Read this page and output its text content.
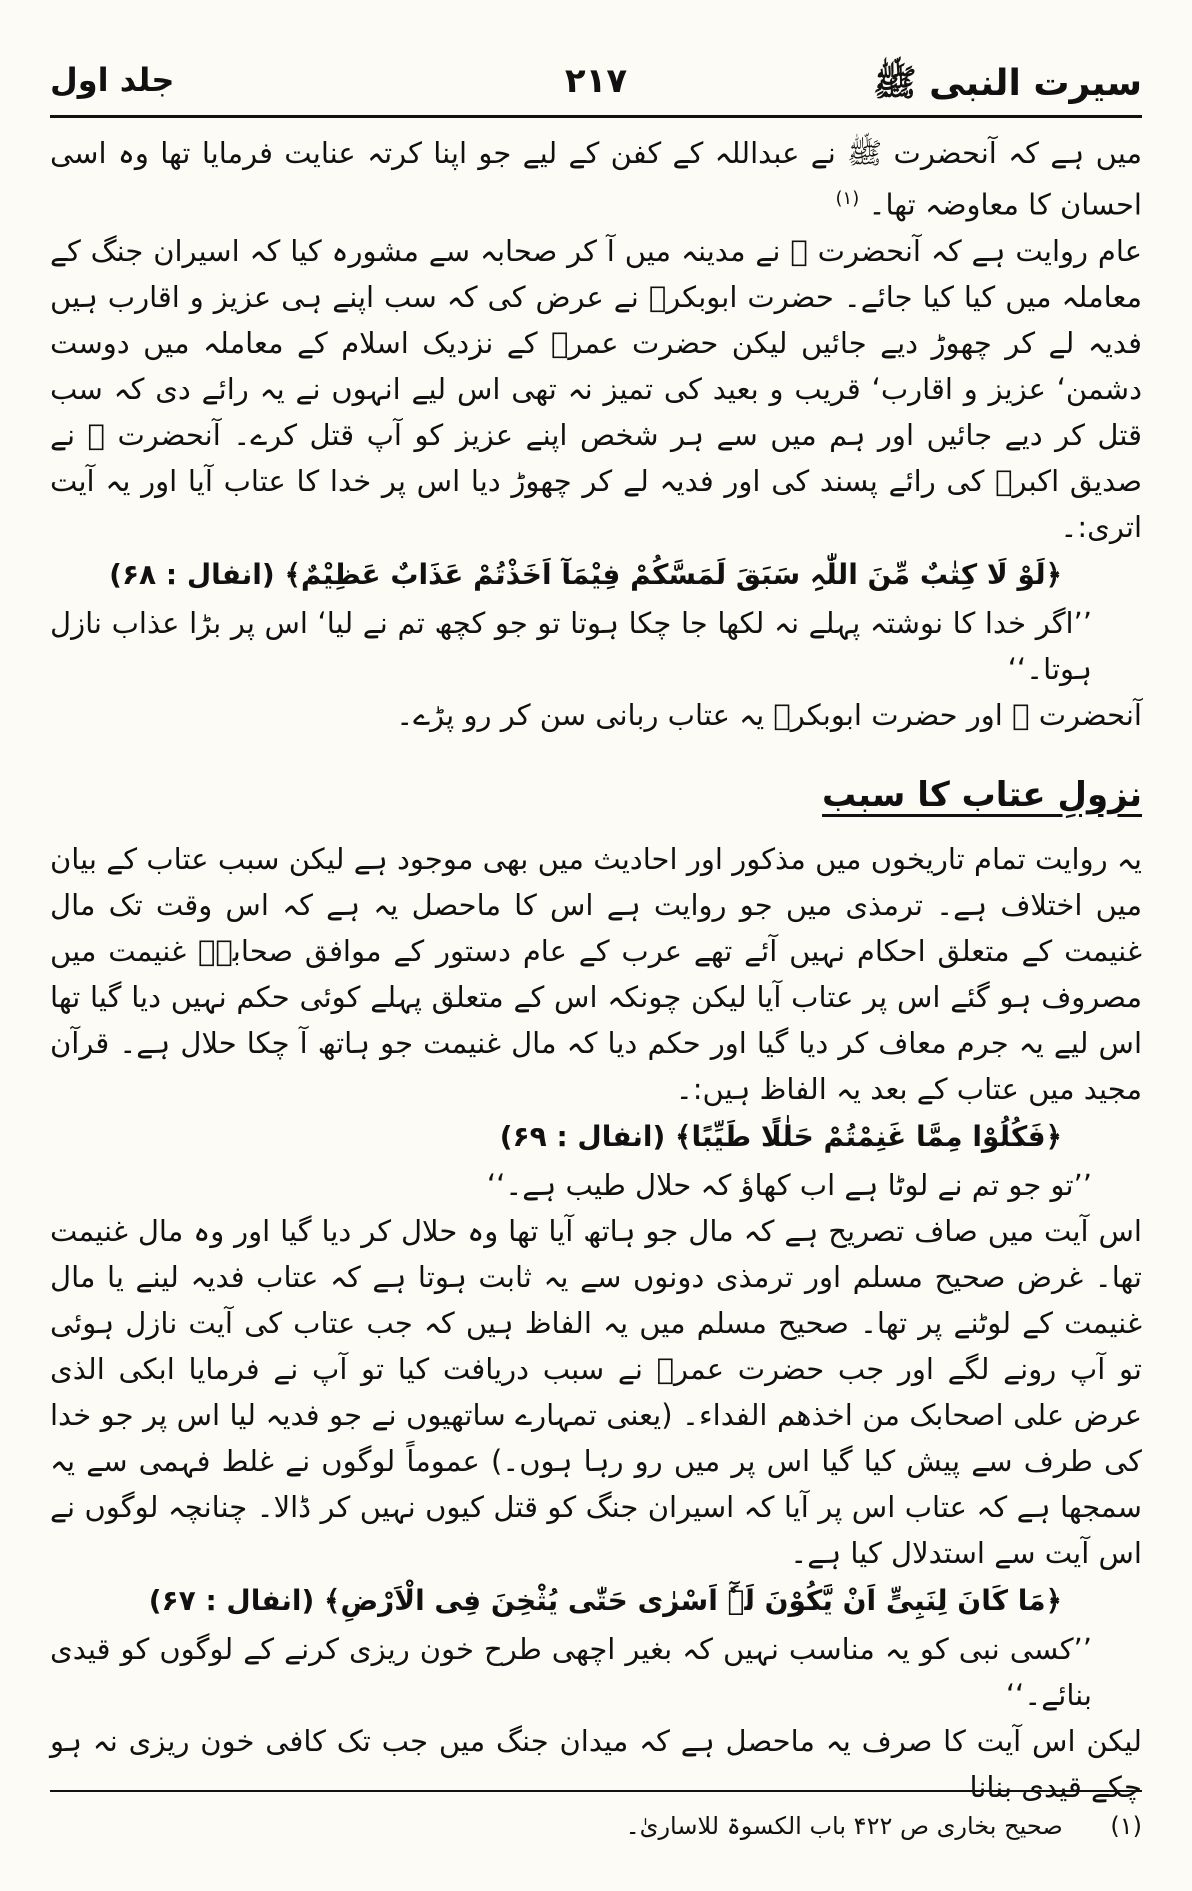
سیرت النبی ﷺ
۲۱۷
جلد اول

میں ہے کہ آنحضرت ﷺ نے عبداللہ کے کفن کے لیے جو اپنا کرتہ عنایت فرمایا تھا وہ اسی احسان کا معاوضہ تھا۔ $^{(۱)}$

عام روایت ہے کہ آنحضرت ﷺ نے مدینہ میں آ کر صحابہ سے مشورہ کیا کہ اسیران جنگ کے معاملہ میں کیا کیا جائے۔ حضرت ابوبکرؓ نے عرض کی کہ سب اپنے ہی عزیز و اقارب ہیں فدیہ لے کر چھوڑ دیے جائیں لیکن حضرت عمرؓ کے نزدیک اسلام کے معاملہ میں دوست دشمن‘ عزیز و اقارب‘ قریب و بعید کی تمیز نہ تھی اس لیے انہوں نے یہ رائے دی کہ سب قتل کر دیے جائیں اور ہم میں سے ہر شخص اپنے عزیز کو آپ قتل کرے۔ آنحضرت ﷺ نے صدیق اکبرؓ کی رائے پسند کی اور فدیہ لے کر چھوڑ دیا اس پر خدا کا عتاب آیا اور یہ آیت اتری:۔

﴿لَوْ لَا کِتٰبٌ مِّنَ اللّٰہِ سَبَقَ لَمَسَّکُمْ فِیْمَآ اَخَذْتُمْ عَذَابٌ عَظِیْمٌ﴾ (انفال : ۶۸)

’’اگر خدا کا نوشتہ پہلے نہ لکھا جا چکا ہوتا تو جو کچھ تم نے لیا‘ اس پر بڑا عذاب نازل ہوتا۔‘‘

آنحضرت ﷺ اور حضرت ابوبکرؓ یہ عتاب ربانی سن کر رو پڑے۔

نزولِ عتاب کا سبب

یہ روایت تمام تاریخوں میں مذکور اور احادیث میں بھی موجود ہے لیکن سبب عتاب کے بیان میں اختلاف ہے۔ ترمذی میں جو روایت ہے اس کا ماحصل یہ ہے کہ اس وقت تک مال غنیمت کے متعلق احکام نہیں آئے تھے عرب کے عام دستور کے موافق صحابہؓ غنیمت میں مصروف ہو گئے اس پر عتاب آیا لیکن چونکہ اس کے متعلق پہلے کوئی حکم نہیں دیا گیا تھا اس لیے یہ جرم معاف کر دیا گیا اور حکم دیا کہ مال غنیمت جو ہاتھ آ چکا حلال ہے۔ قرآن مجید میں عتاب کے بعد یہ الفاظ ہیں:۔

﴿فَکُلُوْا مِمَّا غَنِمْتُمْ حَلٰلًا طَیِّبًا﴾ (انفال : ۶۹)

’’تو جو تم نے لوٹا ہے اب کھاؤ کہ حلال طیب ہے۔‘‘

اس آیت میں صاف تصریح ہے کہ مال جو ہاتھ آیا تھا وہ حلال کر دیا گیا اور وہ مال غنیمت تھا۔ غرض صحیح مسلم اور ترمذی دونوں سے یہ ثابت ہوتا ہے کہ عتاب فدیہ لینے یا مال غنیمت کے لوٹنے پر تھا۔ صحیح مسلم میں یہ الفاظ ہیں کہ جب عتاب کی آیت نازل ہوئی تو آپ رونے لگے اور جب حضرت عمرؓ نے سبب دریافت کیا تو آپ نے فرمایا ابکی الذی عرض علی اصحابک من اخذھم الفداء۔ (یعنی تمہارے ساتھیوں نے جو فدیہ لیا اس پر جو خدا کی طرف سے پیش کیا گیا اس پر میں رو رہا ہوں۔) عموماً لوگوں نے غلط فہمی سے یہ سمجھا ہے کہ عتاب اس پر آیا کہ اسیران جنگ کو قتل کیوں نہیں کر ڈالا۔ چنانچہ لوگوں نے اس آیت سے استدلال کیا ہے۔

﴿مَا کَانَ لِنَبِیٍّ اَنْ یَّکُوْنَ لَہٗٓ اَسْرٰی حَتّٰی یُثْخِنَ فِی الْاَرْضِ﴾ (انفال : ۶۷)

’’کسی نبی کو یہ مناسب نہیں کہ بغیر اچھی طرح خون ریزی کرنے کے لوگوں کو قیدی بنائے۔‘‘

لیکن اس آیت کا صرف یہ ماحصل ہے کہ میدان جنگ میں جب تک کافی خون ریزی نہ ہو چکے قیدی بنانا

(۱) صحیح بخاری ص ۴۲۲ باب الکسوۃ للاساریٰ۔
